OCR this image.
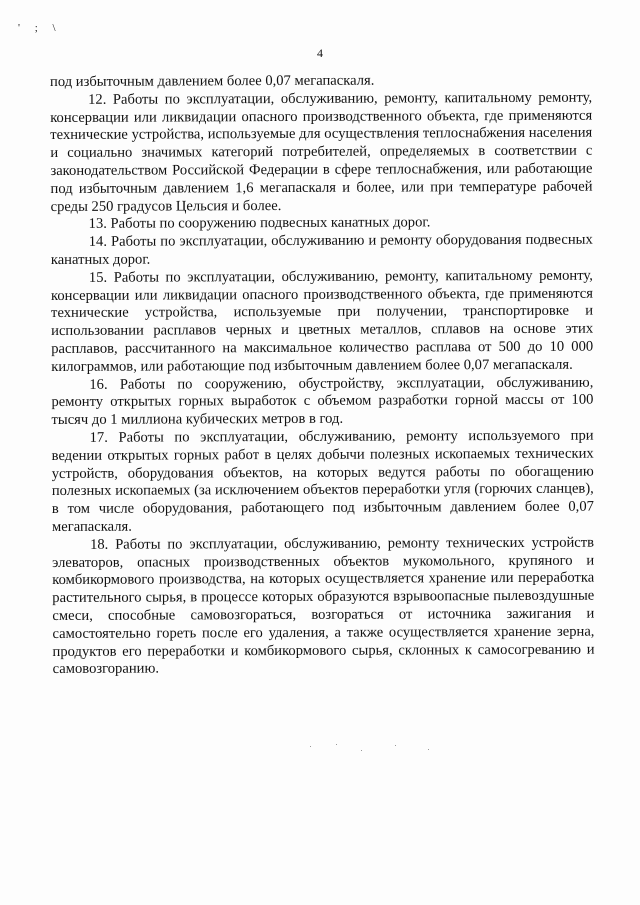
' ; \
4

под избыточным давлением более 0,07 мегапаскаля.

12. Работы по эксплуатации, обслуживанию, ремонту, капитальному ремонту, консервации или ликвидации опасного производственного объекта, где применяются технические устройства, используемые для осуществления теплоснабжения населения и социально значимых категорий потребителей, определяемых в соответствии с законодательством Российской Федерации в сфере теплоснабжения, или работающие под избыточным давлением 1,6 мегапаскаля и более, или при температуре рабочей среды 250 градусов Цельсия и более.

13. Работы по сооружению подвесных канатных дорог.

14. Работы по эксплуатации, обслуживанию и ремонту оборудования подвесных канатных дорог.

15. Работы по эксплуатации, обслуживанию, ремонту, капитальному ремонту, консервации или ликвидации опасного производственного объекта, где применяются технические устройства, используемые при получении, транспортировке и использовании расплавов черных и цветных металлов, сплавов на основе этих расплавов, рассчитанного на максимальное количество расплава от 500 до 10 000 килограммов, или работающие под избыточным давлением более 0,07 мегапаскаля.

16. Работы по сооружению, обустройству, эксплуатации, обслуживанию, ремонту открытых горных выработок с объемом разработки горной массы от 100 тысяч до 1 миллиона кубических метров в год.

17. Работы по эксплуатации, обслуживанию, ремонту используемого при ведении открытых горных работ в целях добычи полезных ископаемых технических устройств, оборудования объектов, на которых ведутся работы по обогащению полезных ископаемых (за исключением объектов переработки угля (горючих сланцев), в том числе оборудования, работающего под избыточным давлением более 0,07 мегапаскаля.

18. Работы по эксплуатации, обслуживанию, ремонту технических устройств элеваторов, опасных производственных объектов мукомольного, крупяного и комбикормового производства, на которых осуществляется хранение или переработка растительного сырья, в процессе которых образуются взрывоопасные пылевоздушные смеси, способные самовозгораться, возгораться от источника зажигания и самостоятельно гореть после его удаления, а также осуществляется хранение зерна, продуктов его переработки и комбикормового сырья, склонных к самосогреванию и самовозгоранию.
